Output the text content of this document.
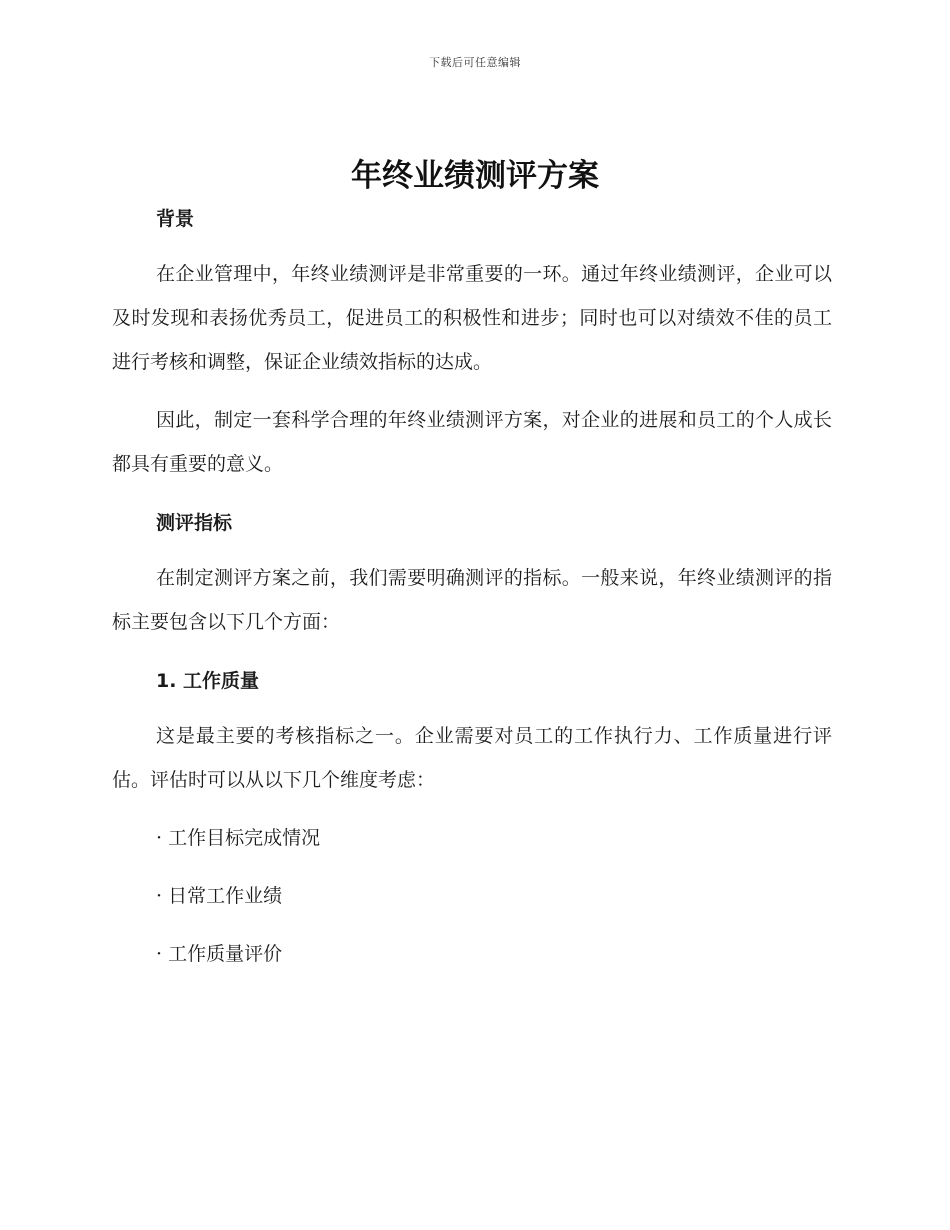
下载后可任意编辑
年终业绩测评方案
背景

在企业管理中，年终业绩测评是非常重要的一环。通过年终业绩测评，企业可以及时发现和表扬优秀员工，促进员工的积极性和进步；同时也可以对绩效不佳的员工进行考核和调整，保证企业绩效指标的达成。

因此，制定一套科学合理的年终业绩测评方案，对企业的进展和员工的个人成长都具有重要的意义。

测评指标

在制定测评方案之前，我们需要明确测评的指标。一般来说，年终业绩测评的指标主要包含以下几个方面：

1. 工作质量

这是最主要的考核指标之一。企业需要对员工的工作执行力、工作质量进行评估。评估时可以从以下几个维度考虑：

· 工作目标完成情况

· 日常工作业绩

· 工作质量评价
